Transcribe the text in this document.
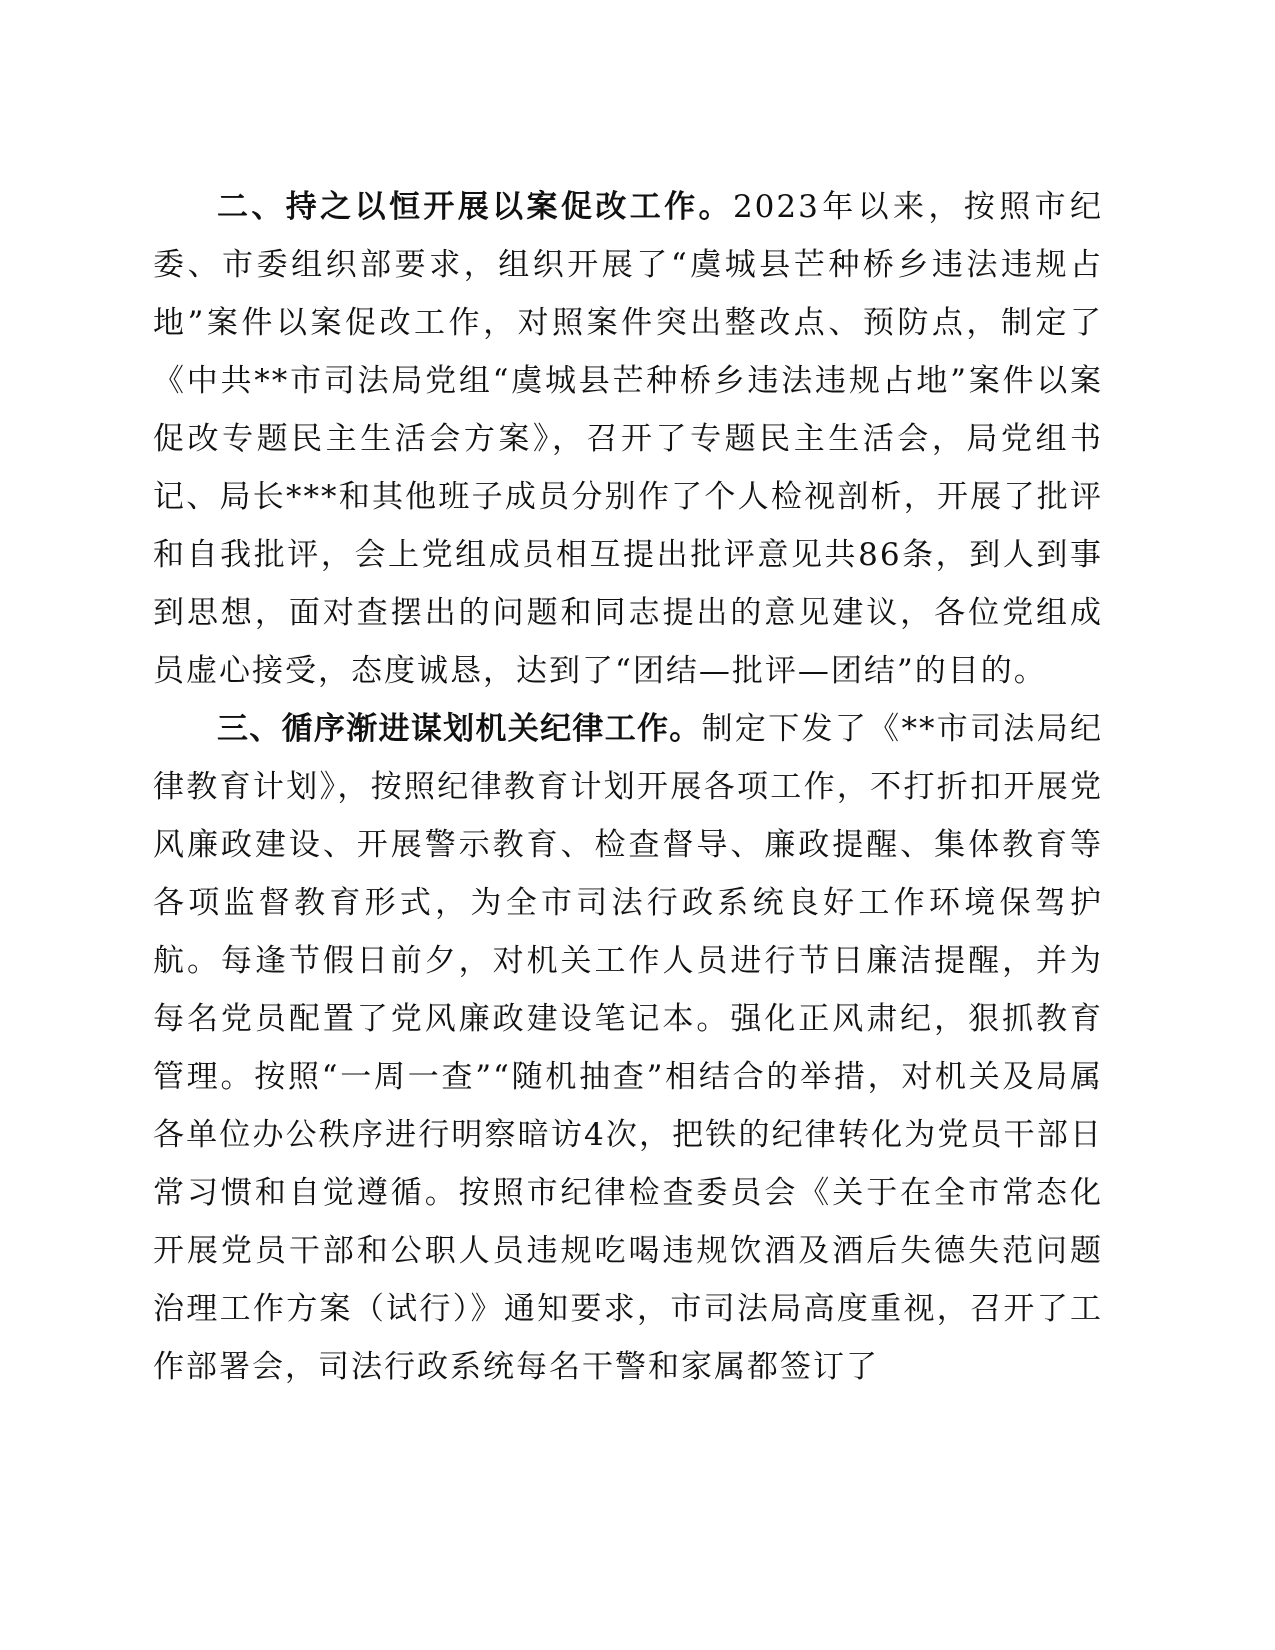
二、持之以恒开展以案促改工作。2023年以来，按照市纪委、市委组织部要求，组织开展了“虞城县芒种桥乡违法违规占地”案件以案促改工作，对照案件突出整改点、预防点，制定了《中共**市司法局党组“虞城县芒种桥乡违法违规占地”案件以案促改专题民主生活会方案》，召开了专题民主生活会，局党组书记、局长***和其他班子成员分别作了个人检视剖析，开展了批评和自我批评，会上党组成员相互提出批评意见共86条，到人到事到思想，面对查摆出的问题和同志提出的意见建议，各位党组成员虚心接受，态度诚恳，达到了“团结—批评—团结”的目的。

三、循序渐进谋划机关纪律工作。制定下发了《**市司法局纪律教育计划》，按照纪律教育计划开展各项工作，不打折扣开展党风廉政建设、开展警示教育、检查督导、廉政提醒、集体教育等各项监督教育形式，为全市司法行政系统良好工作环境保驾护航。每逢节假日前夕，对机关工作人员进行节日廉洁提醒，并为每名党员配置了党风廉政建设笔记本。强化正风肃纪，狠抓教育管理。按照“一周一查”“随机抽查”相结合的举措，对机关及局属各单位办公秩序进行明察暗访4次，把铁的纪律转化为党员干部日常习惯和自觉遵循。按照市纪律检查委员会《关于在全市常态化开展党员干部和公职人员违规吃喝违规饮酒及酒后失德失范问题治理工作方案（试行）》通知要求，市司法局高度重视，召开了工作部署会，司法行政系统每名干警和家属都签订了
